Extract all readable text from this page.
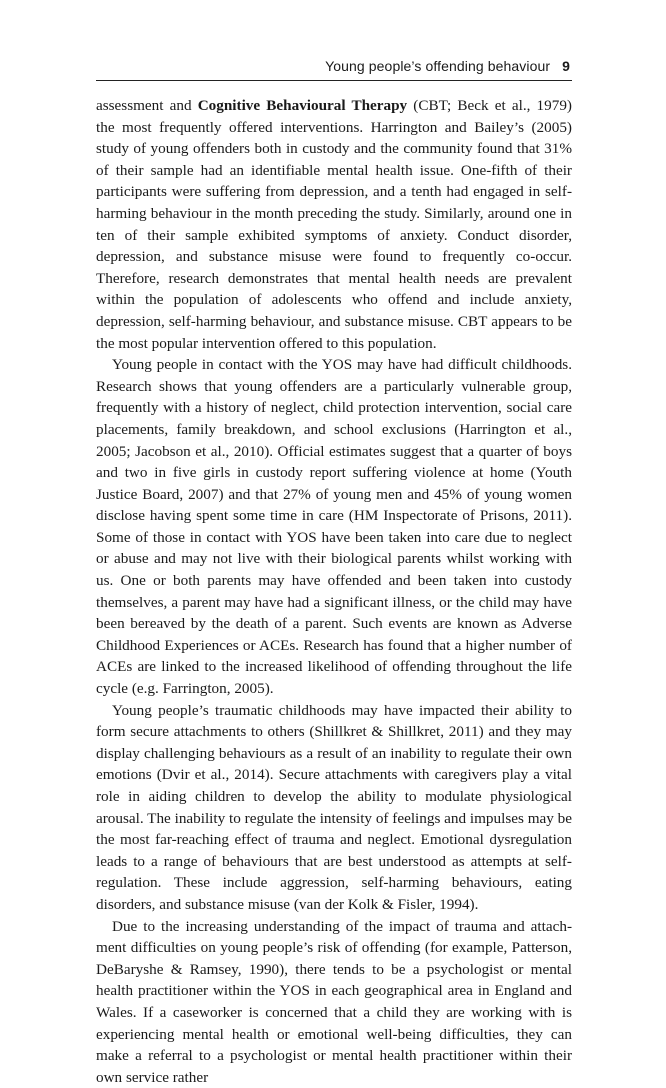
Young people’s offending behaviour 9

assessment and Cognitive Behavioural Therapy (CBT; Beck et al., 1979) the most frequently offered interventions. Harrington and Bailey’s (2005) study of young offenders both in custody and the community found that 31% of their sample had an identifiable mental health issue. One-fifth of their participants were suffering from depression, and a tenth had engaged in self-harming behaviour in the month preceding the study. Similarly, around one in ten of their sample exhibited symptoms of anxiety. Conduct disorder, depression, and substance misuse were found to frequently co-occur. Therefore, research demonstrates that mental health needs are prevalent within the population of adolescents who offend and include anxiety, depression, self-harming behaviour, and substance misuse. CBT appears to be the most popular intervention offered to this population.

Young people in contact with the YOS may have had difficult childhoods. Research shows that young offenders are a particularly vulnerable group, frequently with a history of neglect, child protection intervention, social care placements, family breakdown, and school exclusions (Harrington et al., 2005; Jacobson et al., 2010). Official estimates suggest that a quarter of boys and two in five girls in custody report suffering violence at home (Youth Justice Board, 2007) and that 27% of young men and 45% of young women disclose having spent some time in care (HM Inspectorate of Prisons, 2011). Some of those in contact with YOS have been taken into care due to neglect or abuse and may not live with their biological parents whilst working with us. One or both parents may have offended and been taken into custody themselves, a parent may have had a significant illness, or the child may have been bereaved by the death of a parent. Such events are known as Adverse Childhood Experiences or ACEs. Research has found that a higher number of ACEs are linked to the increased likelihood of offending throughout the life cycle (e.g. Farrington, 2005).

Young people’s traumatic childhoods may have impacted their ability to form secure attachments to others (Shillkret & Shillkret, 2011) and they may display challenging behaviours as a result of an inability to regulate their own emotions (Dvir et al., 2014). Secure attachments with caregivers play a vital role in aiding children to develop the ability to modulate physiological arousal. The inability to regulate the intensity of feelings and impulses may be the most far-reaching effect of trauma and neglect. Emotional dysregulation leads to a range of behaviours that are best understood as attempts at self-regulation. These include aggression, self-harming behaviours, eating disorders, and substance misuse (van der Kolk & Fisler, 1994).

Due to the increasing understanding of the impact of trauma and attachment difficulties on young people’s risk of offending (for example, Patterson, DeBaryshe & Ramsey, 1990), there tends to be a psychologist or mental health practitioner within the YOS in each geographical area in England and Wales. If a caseworker is concerned that a child they are working with is experiencing mental health or emotional well-being difficulties, they can make a referral to a psychologist or mental health practitioner within their own service rather
